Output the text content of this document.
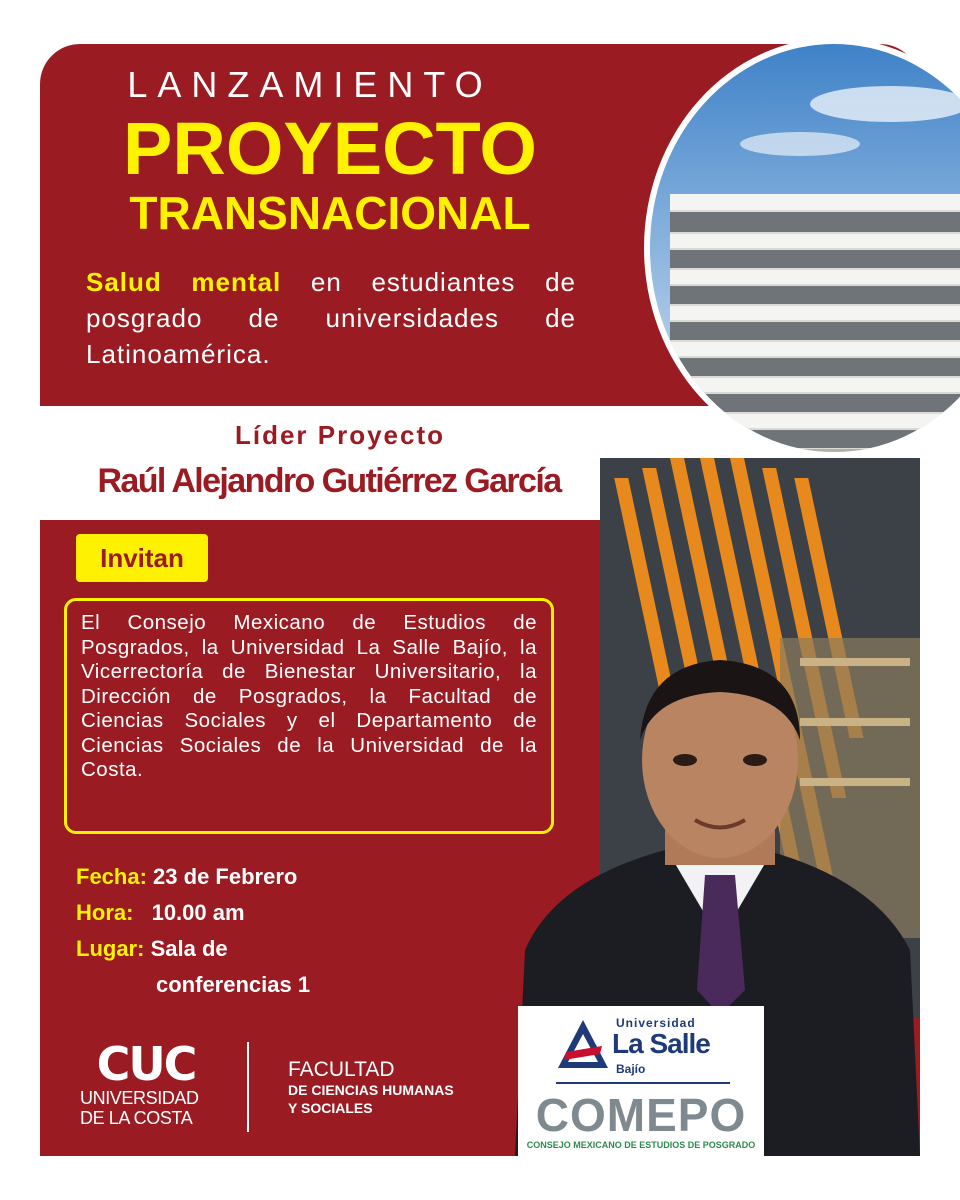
LANZAMIENTO
PROYECTO
TRANSNACIONAL
Salud mental en estudiantes de posgrado de universidades de Latinoamérica.
Líder Proyecto
Raúl Alejandro Gutiérrez García
Invitan
El Consejo Mexicano de Estudios de Posgrados, la Universidad La Salle Bajío, la Vicerrectoría de Bienestar Universitario, la Dirección de Posgrados, la Facultad de Ciencias Sociales y el Departamento de Ciencias Sociales de la Universidad de la Costa.
Fecha: 23 de Febrero
Hora: 10.00 am
Lugar: Sala de
conferencias 1
CUC
UNIVERSIDAD
DE LA COSTA
FACULTAD
DE CIENCIAS HUMANAS
Y SOCIALES
Universidad
La Salle
Bajío
COMEPO
CONSEJO MEXICANO DE ESTUDIOS DE POSGRADO
